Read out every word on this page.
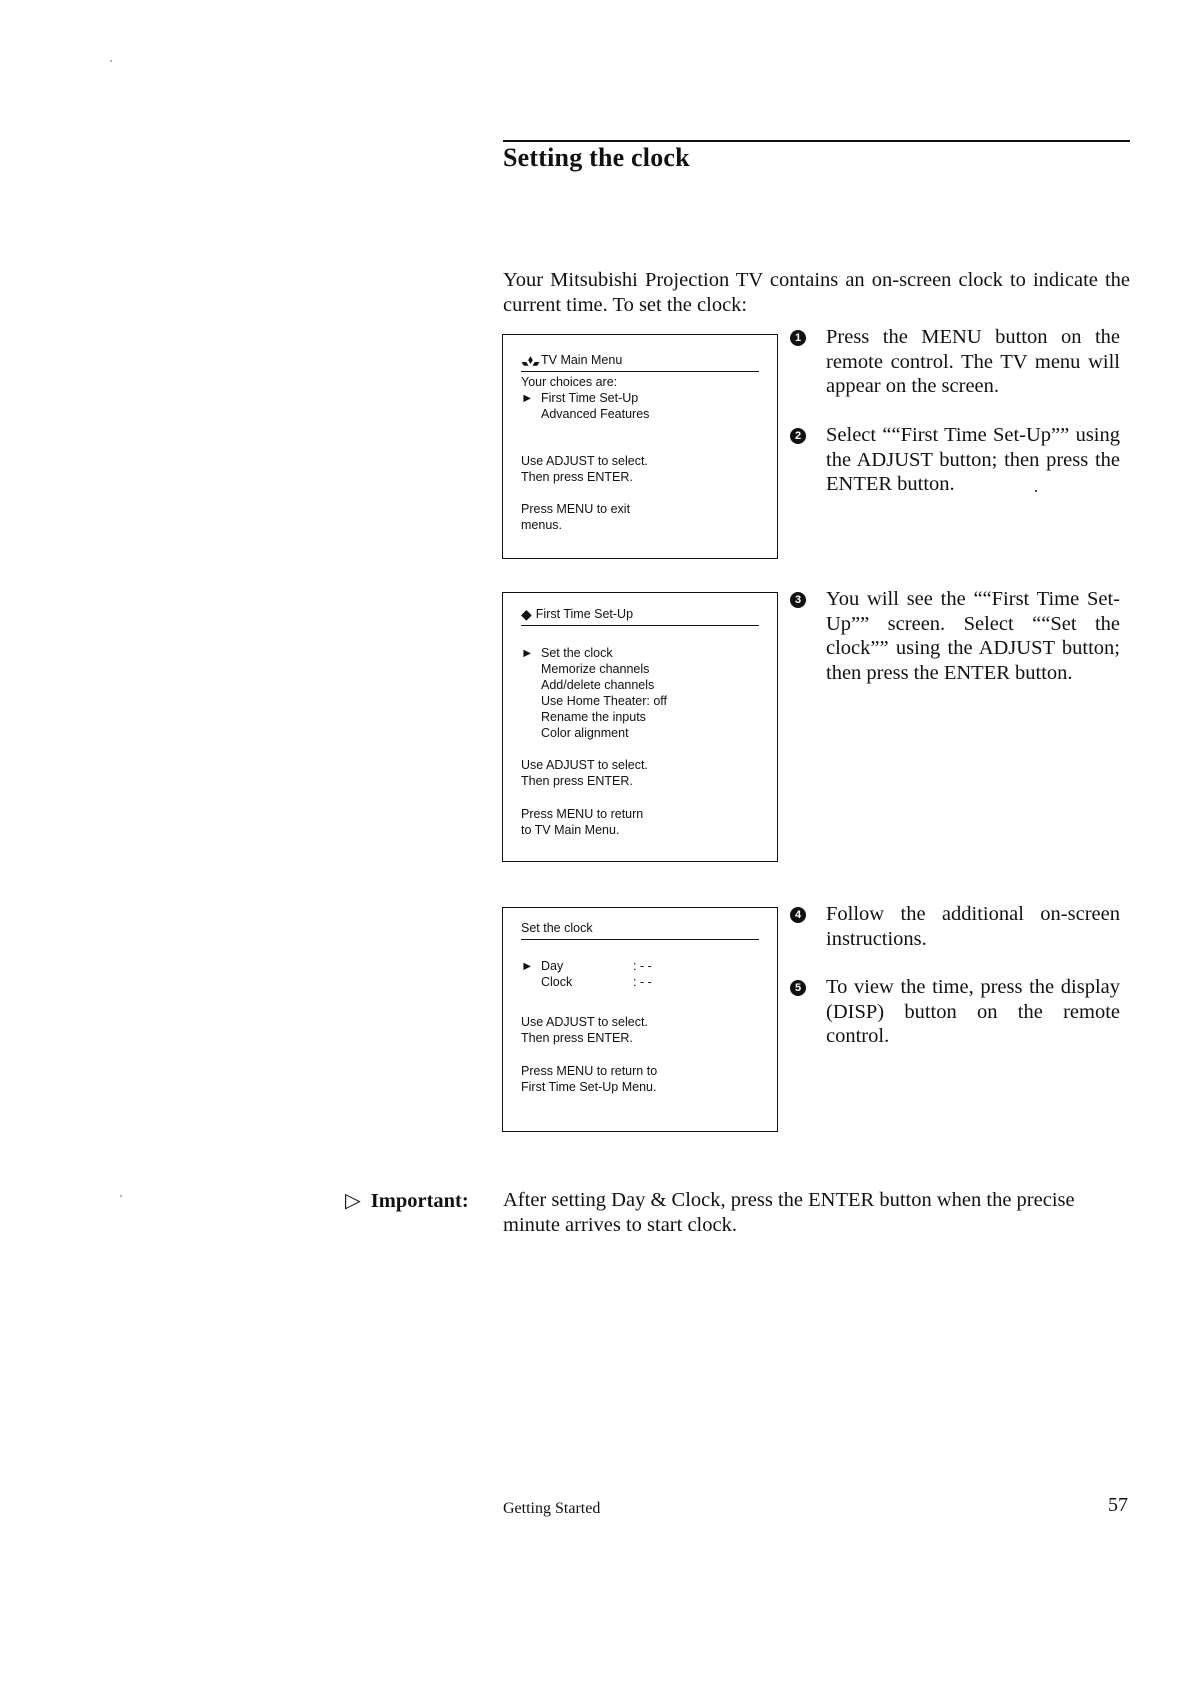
Setting the clock
Your Mitsubishi Projection TV contains an on-screen clock to indicate the current time. To set the clock:
TV Main Menu
Your choices are:
► First Time Set-Up
Advanced Features
Use ADJUST to select.
Then press ENTER.
Press MENU to exit
menus.
◆ First Time Set-Up
► Set the clock
Memorize channels
Add/delete channels
Use Home Theater: off
Rename the inputs
Color alignment
Use ADJUST to select.
Then press ENTER.
Press MENU to return
to TV Main Menu.
Set the clock
► Day	: - -
Clock	: - -
Use ADJUST to select.
Then press ENTER.
Press MENU to return to
First Time Set-Up Menu.
1 Press the MENU button on the remote control. The TV menu will appear on the screen.
2 Select ““First Time Set-Up”” using the ADJUST button; then press the ENTER button.
3 You will see the ““First Time Set-Up”” screen. Select ““Set the clock”” using the ADJUST button; then press the ENTER button.
4 Follow the additional on-screen instructions.
5 To view the time, press the display (DISP) button on the remote control.
▷ Important: After setting Day & Clock, press the ENTER button when the precise minute arrives to start clock.
Getting Started	57
